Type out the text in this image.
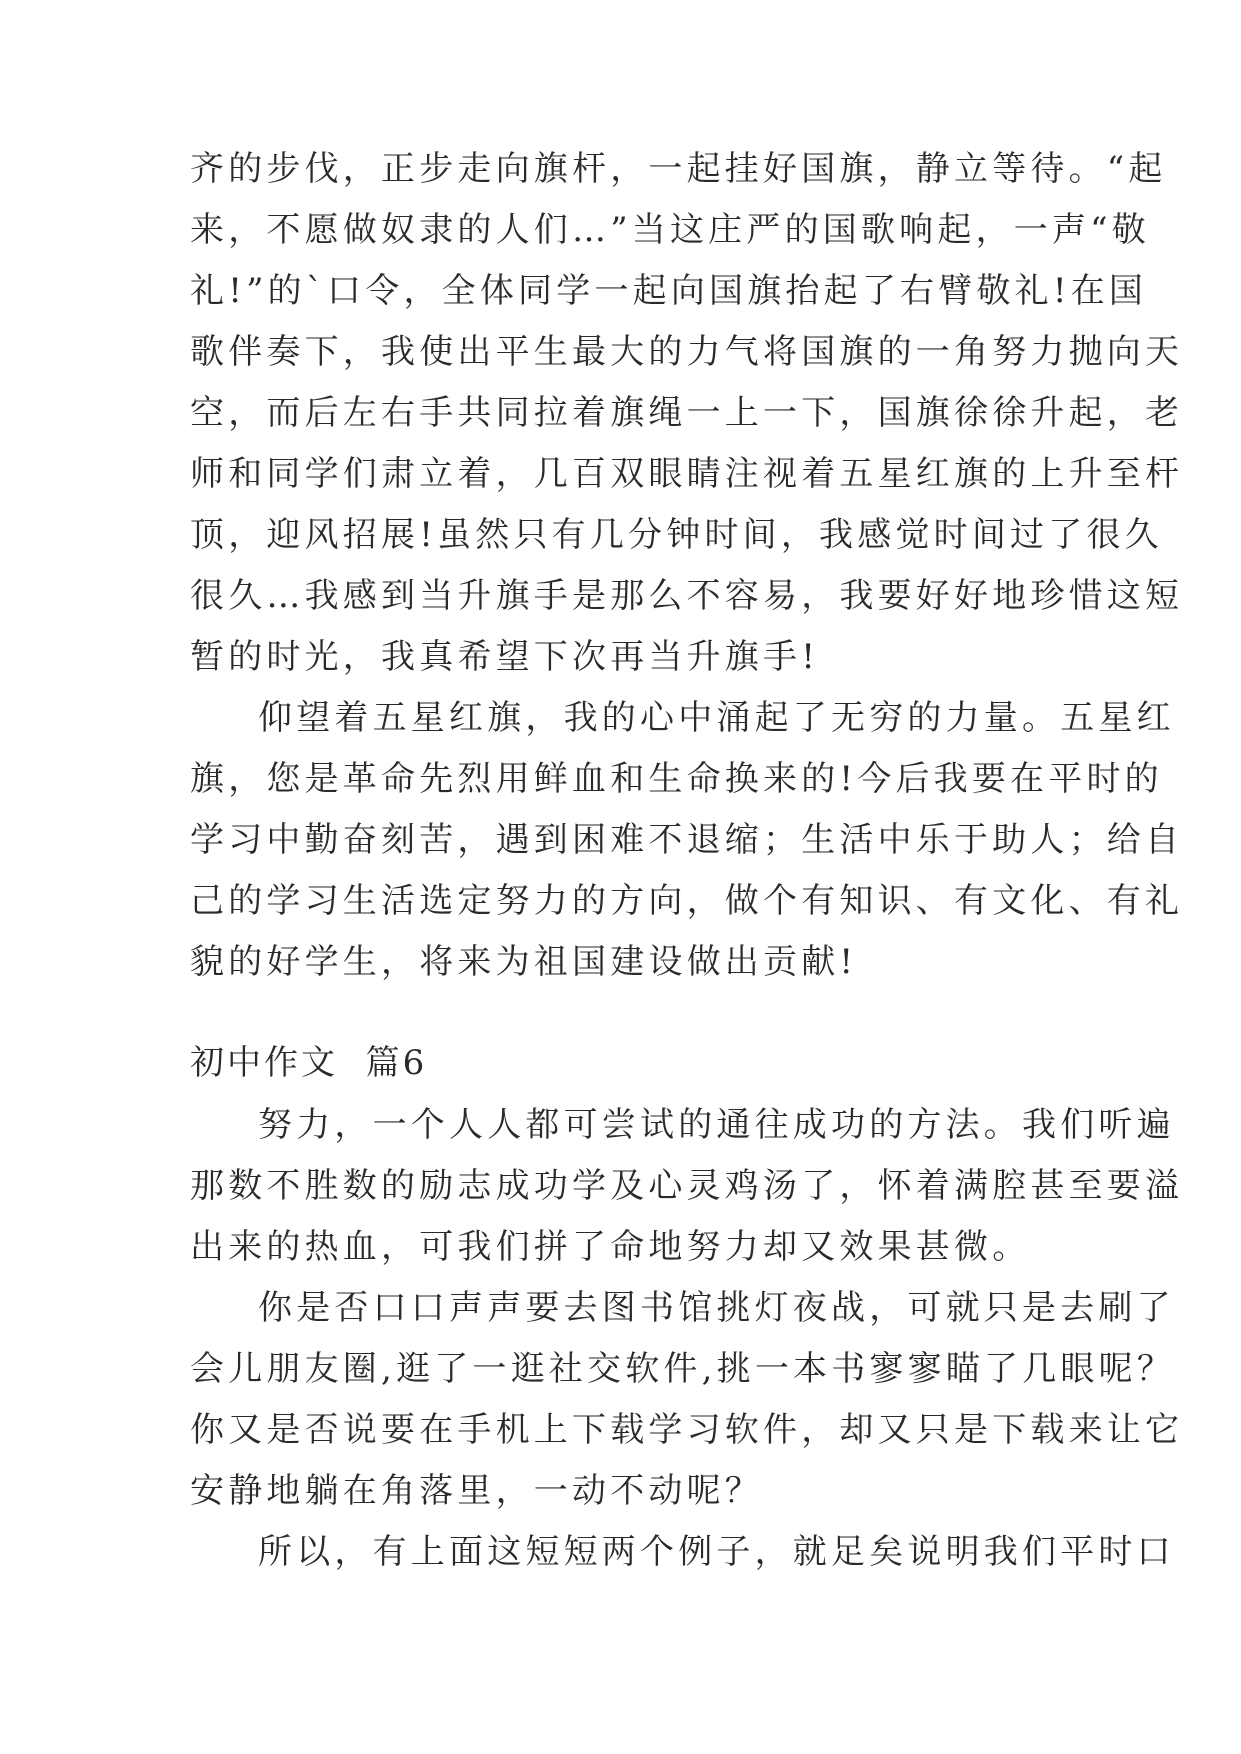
齐的步伐，正步走向旗杆，一起挂好国旗，静立等待。“起
来，不愿做奴隶的人们…”当这庄严的国歌响起，一声“敬
礼!”的`口令，全体同学一起向国旗抬起了右臂敬礼!在国
歌伴奏下，我使出平生最大的力气将国旗的一角努力抛向天
空，而后左右手共同拉着旗绳一上一下，国旗徐徐升起，老
师和同学们肃立着，几百双眼睛注视着五星红旗的上升至杆
顶，迎风招展!虽然只有几分钟时间，我感觉时间过了很久
很久…我感到当升旗手是那么不容易，我要好好地珍惜这短
暂的时光，我真希望下次再当升旗手!
仰望着五星红旗，我的心中涌起了无穷的力量。五星红
旗，您是革命先烈用鲜血和生命换来的!今后我要在平时的
学习中勤奋刻苦，遇到困难不退缩；生活中乐于助人；给自
己的学习生活选定努力的方向，做个有知识、有文化、有礼
貌的好学生，将来为祖国建设做出贡献!
初中作文  篇6
努力，一个人人都可尝试的通往成功的方法。我们听遍
那数不胜数的励志成功学及心灵鸡汤了，怀着满腔甚至要溢
出来的热血，可我们拼了命地努力却又效果甚微。
你是否口口声声要去图书馆挑灯夜战，可就只是去刷了
会儿朋友圈,逛了一逛社交软件,挑一本书寥寥瞄了几眼呢？
你又是否说要在手机上下载学习软件，却又只是下载来让它
安静地躺在角落里，一动不动呢？
所以，有上面这短短两个例子，就足矣说明我们平时口
